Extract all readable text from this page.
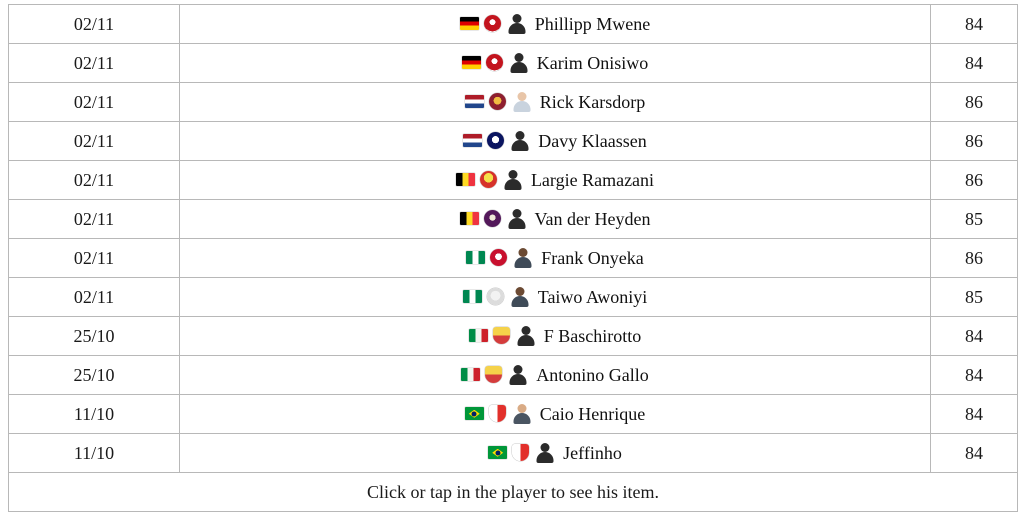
02/11	Phillipp Mwene	84
02/11	Karim Onisiwo	84
02/11	Rick Karsdorp	86
02/11	Davy Klaassen	86
02/11	Largie Ramazani	86
02/11	Van der Heyden	85
02/11	Frank Onyeka	86
02/11	Taiwo Awoniyi	85
25/10	F Baschirotto	84
25/10	Antonino Gallo	84
11/10	Caio Henrique	84
11/10	Jeffinho	84
Click or tap in the player to see his item.		
